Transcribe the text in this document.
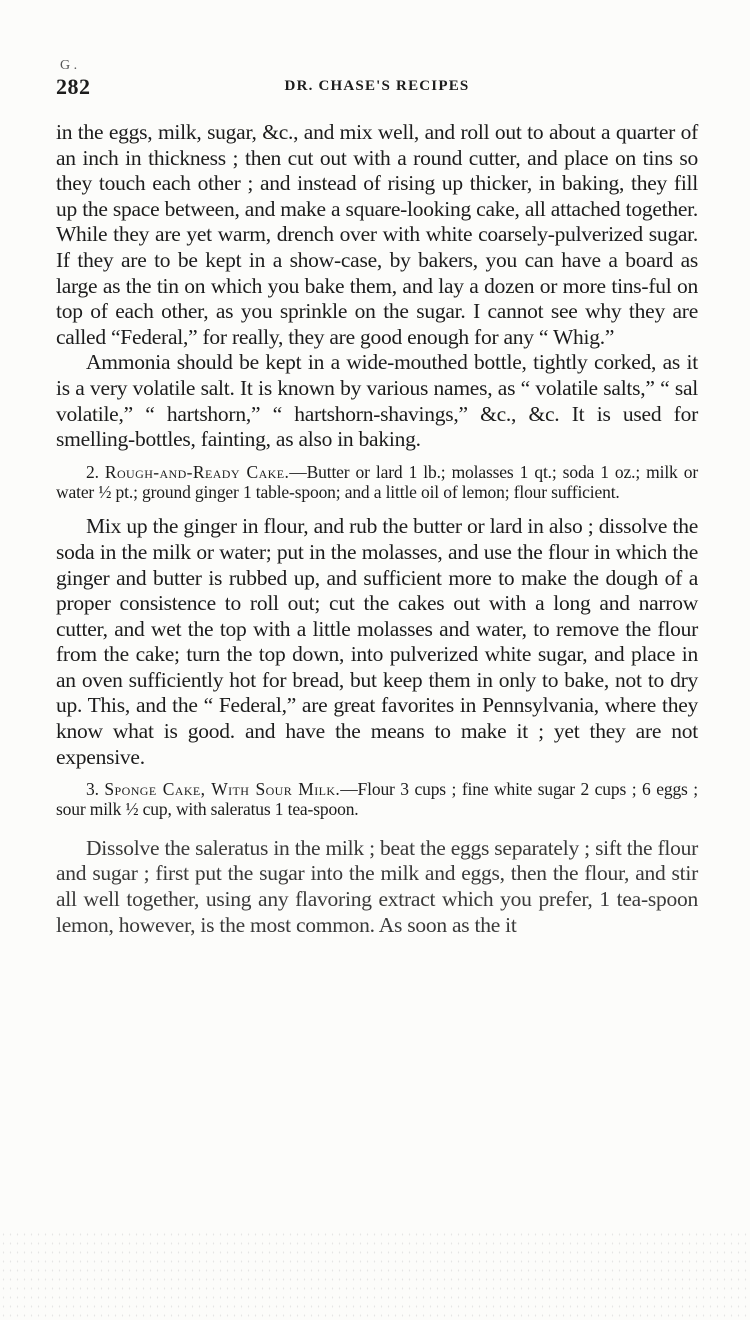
G .
282	DR. CHASE'S RECIPES

in the eggs, milk, sugar, &c., and mix well, and roll out to about a quarter of an inch in thickness ; then cut out with a round cutter, and place on tins so they touch each other ; and instead of rising up thicker, in baking, they fill up the space between, and make a square-looking cake, all attached together. While they are yet warm, drench over with white coarsely-pulverized sugar. If they are to be kept in a show-case, by bakers, you can have a board as large as the tin on which you bake them, and lay a dozen or more tins-ful on top of each other, as you sprinkle on the sugar. I cannot see why they are called “Federal,” for really, they are good enough for any “ Whig.”

Ammonia should be kept in a wide-mouthed bottle, tightly corked, as it is a very volatile salt. It is known by various names, as “ volatile salts,” “ sal volatile,” “ hartshorn,” “ hartshorn-shavings,” &c., &c. It is used for smelling-bottles, fainting, as also in baking.

2. Rough-and-Ready Cake.—Butter or lard 1 lb.; molasses 1 qt.; soda 1 oz.; milk or water ½ pt.; ground ginger 1 table-spoon; and a little oil of lemon; flour sufficient.

Mix up the ginger in flour, and rub the butter or lard in also ; dissolve the soda in the milk or water; put in the molasses, and use the flour in which the ginger and butter is rubbed up, and sufficient more to make the dough of a proper consistence to roll out; cut the cakes out with a long and narrow cutter, and wet the top with a little molasses and water, to remove the flour from the cake; turn the top down, into pulverized white sugar, and place in an oven sufficiently hot for bread, but keep them in only to bake, not to dry up. This, and the “ Federal,” are great favorites in Pennsylvania, where they know what is good. and have the means to make it ; yet they are not expensive.

3. Sponge Cake, With Sour Milk.—Flour 3 cups ; fine white sugar 2 cups ; 6 eggs ; sour milk ½ cup, with saleratus 1 tea-spoon.

Dissolve the saleratus in the milk ; beat the eggs separately ; sift the flour and sugar ; first put the sugar into the milk and eggs, then the flour, and stir all well together, using any flavoring extract which you prefer, 1 tea-spoon lemon, however, is the most common. As soon as the it
